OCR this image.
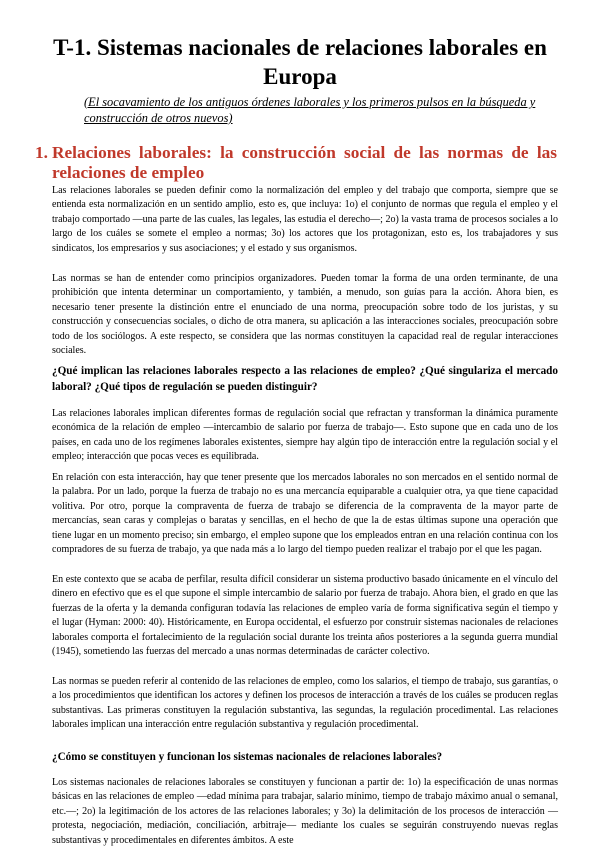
T-1. Sistemas nacionales de relaciones laborales en Europa

(El socavamiento de los antiguos órdenes laborales y los primeros pulsos en la búsqueda y construcción de otros nuevos)

1. Relaciones laborales: la construcción social de las normas de las relaciones de empleo

Las relaciones laborales se pueden definir como la normalización del empleo y del trabajo que comporta, siempre que se entienda esta normalización en un sentido amplio, esto es, que incluya: 1o) el conjunto de normas que regula el empleo y el trabajo comportado —una parte de las cuales, las legales, las estudia el derecho—; 2o) la vasta trama de procesos sociales a lo largo de los cuáles se somete el empleo a normas; 3o) los actores que los protagonizan, esto es, los trabajadores y sus sindicatos, los empresarios y sus asociaciones; y el estado y sus organismos.

Las normas se han de entender como principios organizadores. Pueden tomar la forma de una orden terminante, de una prohibición que intenta determinar un comportamiento, y también, a menudo, son guías para la acción. Ahora bien, es necesario tener presente la distinción entre el enunciado de una norma, preocupación sobre todo de los juristas, y su construcción y consecuencias sociales, o dicho de otra manera, su aplicación a las interacciones sociales, preocupación sobre todo de los sociólogos. A este respecto, se considera que las normas constituyen la capacidad real de regular interacciones sociales.

¿Qué implican las relaciones laborales respecto a las relaciones de empleo? ¿Qué singulariza el mercado laboral? ¿Qué tipos de regulación se pueden distinguir?

Las relaciones laborales implican diferentes formas de regulación social que refractan y transforman la dinámica puramente económica de la relación de empleo —intercambio de salario por fuerza de trabajo—. Esto supone que en cada uno de los países, en cada uno de los regímenes laborales existentes, siempre hay algún tipo de interacción entre la regulación social y el empleo; interacción que pocas veces es equilibrada.

En relación con esta interacción, hay que tener presente que los mercados laborales no son mercados en el sentido normal de la palabra. Por un lado, porque la fuerza de trabajo no es una mercancía equiparable a cualquier otra, ya que tiene capacidad volitiva. Por otro, porque la compraventa de fuerza de trabajo se diferencia de la compraventa de la mayor parte de mercancías, sean caras y complejas o baratas y sencillas, en el hecho de que la de estas últimas supone una operación que tiene lugar en un momento preciso; sin embargo, el empleo supone que los empleados entran en una relación continua con los compradores de su fuerza de trabajo, ya que nada más a lo largo del tiempo pueden realizar el trabajo por el que les pagan.

En este contexto que se acaba de perfilar, resulta difícil considerar un sistema productivo basado únicamente en el vínculo del dinero en efectivo que es el que supone el simple intercambio de salario por fuerza de trabajo. Ahora bien, el grado en que las fuerzas de la oferta y la demanda configuran todavía las relaciones de empleo varía de forma significativa según el tiempo y el lugar (Hyman: 2000: 40). Históricamente, en Europa occidental, el esfuerzo por construir sistemas nacionales de relaciones laborales comporta el fortalecimiento de la regulación social durante los treinta años posteriores a la segunda guerra mundial (1945), sometiendo las fuerzas del mercado a unas normas determinadas de carácter colectivo.

Las normas se pueden referir al contenido de las relaciones de empleo, como los salarios, el tiempo de trabajo, sus garantías, o a los procedimientos que identifican los actores y definen los procesos de interacción a través de los cuáles se producen reglas substantivas. Las primeras constituyen la regulación substantiva, las segundas, la regulación procedimental. Las relaciones laborales implican una interacción entre regulación substantiva y regulación procedimental.

¿Cómo se constituyen y funcionan los sistemas nacionales de relaciones laborales?

Los sistemas nacionales de relaciones laborales se constituyen y funcionan a partir de: 1o) la especificación de unas normas básicas en las relaciones de empleo —edad mínima para trabajar, salario mínimo, tiempo de trabajo máximo anual o semanal, etc.—; 2o) la legitimación de los actores de las relaciones laborales; y 3o) la delimitación de los procesos de interacción —protesta, negociación, mediación, conciliación, arbitraje— mediante los cuales se seguirán construyendo nuevas reglas substantivas y procedimentales en diferentes ámbitos. A este
